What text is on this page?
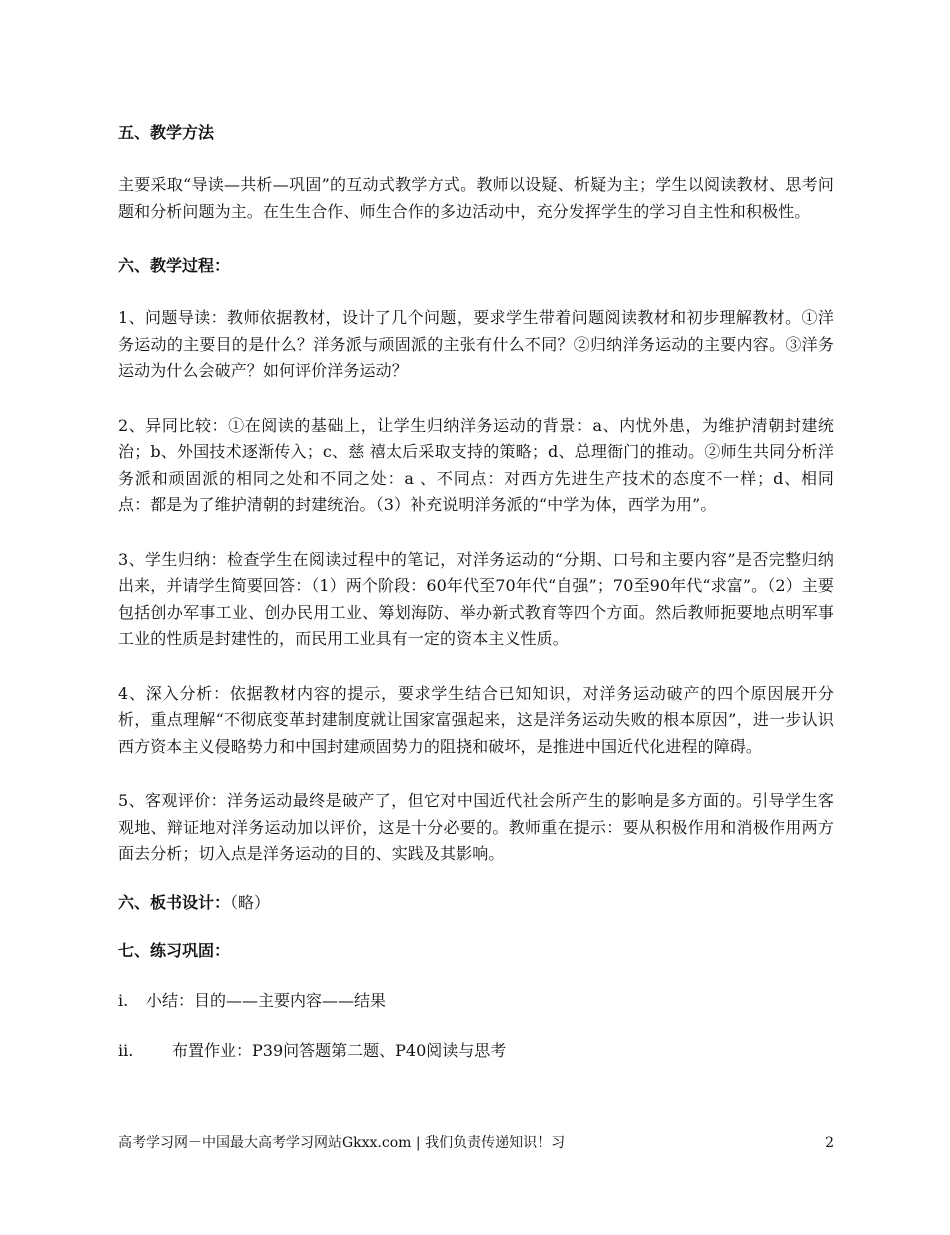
五、教学方法
主要采取“导读—共析—巩固”的互动式教学方式。教师以设疑、析疑为主；学生以阅读教材、思考问题和分析问题为主。在生生合作、师生合作的多边活动中，充分发挥学生的学习自主性和积极性。
六、教学过程：
1、问题导读：教师依据教材，设计了几个问题，要求学生带着问题阅读教材和初步理解教材。①洋务运动的主要目的是什么？洋务派与顽固派的主张有什么不同？②归纳洋务运动的主要内容。③洋务运动为什么会破产？如何评价洋务运动？
2、异同比较：①在阅读的基础上，让学生归纳洋务运动的背景：a、内忧外患，为维护清朝封建统治；b、外国技术逐渐传入；c、慈 禧太后采取支持的策略；d、总理衙门的推动。②师生共同分析洋务派和顽固派的相同之处和不同之处：a 、不同点：对西方先进生产技术的态度不一样；d、相同点：都是为了维护清朝的封建统治。（3）补充说明洋务派的“中学为体，西学为用”。
3、学生归纳：检查学生在阅读过程中的笔记，对洋务运动的“分期、口号和主要内容”是否完整归纳出来，并请学生简要回答：（1）两个阶段：60年代至70年代“自强”；70至90年代“求富”。（2）主要包括创办军事工业、创办民用工业、筹划海防、举办新式教育等四个方面。然后教师扼要地点明军事工业的性质是封建性的，而民用工业具有一定的资本主义性质。
4、深入分析：依据教材内容的提示，要求学生结合已知知识，对洋务运动破产的四个原因展开分析，重点理解“不彻底变革封建制度就让国家富强起来，这是洋务运动失败的根本原因”，进一步认识西方资本主义侵略势力和中国封建顽固势力的阻挠和破坏，是推进中国近代化进程的障碍。
5、客观评价：洋务运动最终是破产了，但它对中国近代社会所产生的影响是多方面的。引导学生客观地、辩证地对洋务运动加以评价，这是十分必要的。教师重在提示：要从积极作用和消极作用两方面去分析；切入点是洋务运动的目的、实践及其影响。
六、板书设计：（略）
七、练习巩固：
i.	小结：目的——主要内容——结果
ii.	布置作业：P39问答题第二题、P40阅读与思考
高考学习网－中国最大高考学习网站Gkxx.com | 我们负责传递知识！习	2
